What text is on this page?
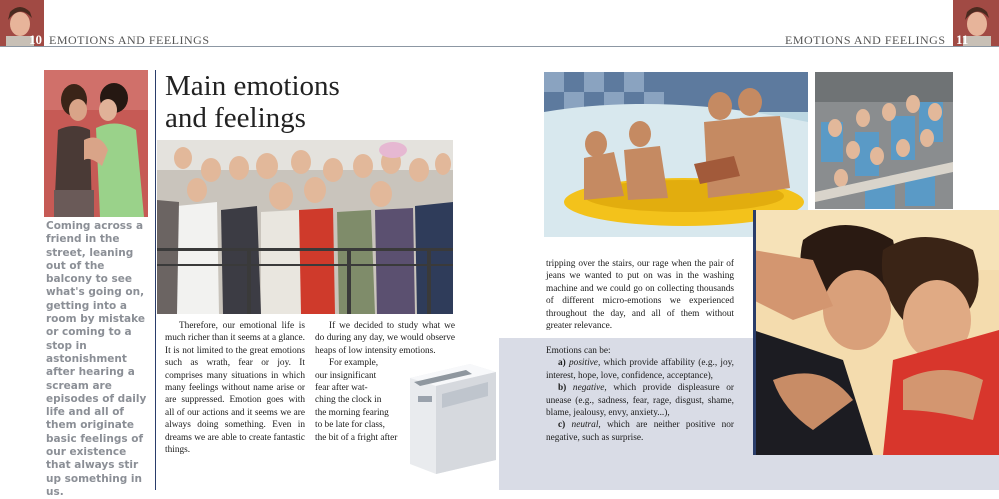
10 EMOTIONS AND FEELINGS	EMOTIONS AND FEELINGS 11
Coming across a friend in the street, leaning out of the balcony to see what's going on, getting into a room by mistake or coming to a stop in astonishment after hearing a scream are episodes of daily life and all of them originate basic feelings of our existence that always stir up something in us.
Main emotions
and feelings

Therefore, our emotional life is much richer than it seems at a glance. It is not limited to the great emotions such as wrath, fear or joy. It comprises many situations in which many feelings without name arise or are suppressed. Emotion goes with all of our actions and it seems we are always doing something. Even in dreams we are able to create fantastic things.

If we decided to study what we do during any day, we would observe heaps of low intensity emotions.

For example,
our insignificant
fear after wat-
ching the clock in
the morning fearing
to be late for class,
the bit of a fright after

tripping over the stairs, our rage when the pair of jeans we wanted to put on was in the washing machine and we could go on collecting thousands of different micro-emotions we experienced throughout the day, and all of them without greater relevance.

Emotions can be:
a) positive, which provide affability (e.g., joy, interest, hope, love, confidence, acceptance),
b) negative, which provide displeasure or unease (e.g., sadness, fear, rage, disgust, shame, blame, jealousy, envy, anxiety...),
c) neutral, which are neither positive nor negative, such as surprise.
